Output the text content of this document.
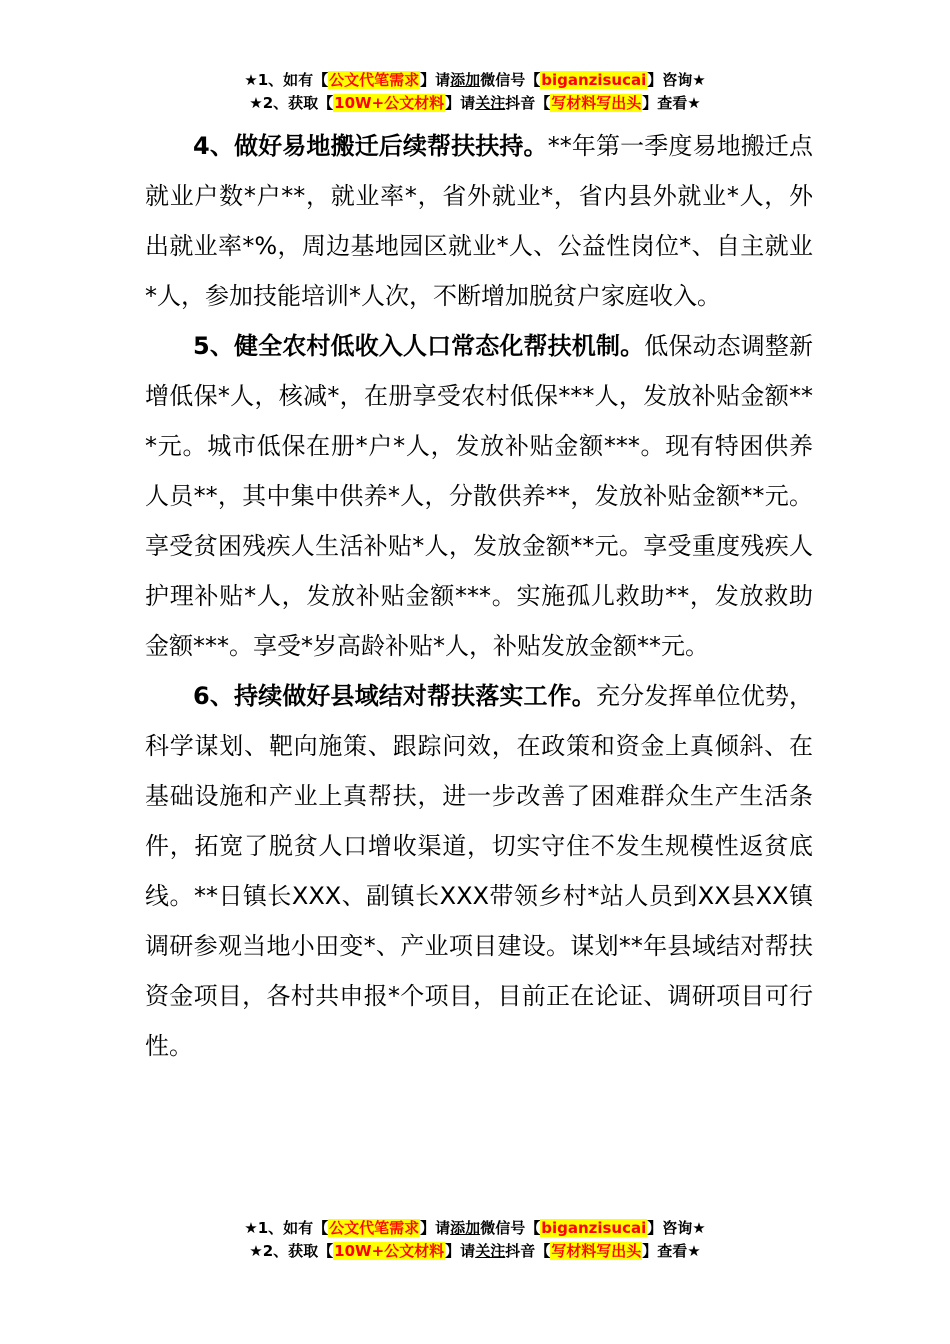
★1、如有【公文代笔需求】请添加微信号【biganzisucai】咨询★
★2、获取【10W+公文材料】请关注抖音【写材料写出头】查看★

4、做好易地搬迁后续帮扶扶持。**年第一季度易地搬迁点就业户数*户**，就业率*，省外就业*，省内县外就业*人，外出就业率*%，周边基地园区就业*人、公益性岗位*、自主就业*人，参加技能培训*人次，不断增加脱贫户家庭收入。

5、健全农村低收入人口常态化帮扶机制。低保动态调整新增低保*人，核减*，在册享受农村低保***人，发放补贴金额***元。城市低保在册*户*人，发放补贴金额***。现有特困供养人员**，其中集中供养*人，分散供养**，发放补贴金额**元。享受贫困残疾人生活补贴*人，发放金额**元。享受重度残疾人护理补贴*人，发放补贴金额***。实施孤儿救助**，发放救助金额***。享受*岁高龄补贴*人，补贴发放金额**元。

6、持续做好县域结对帮扶落实工作。充分发挥单位优势，科学谋划、靶向施策、跟踪问效，在政策和资金上真倾斜、在基础设施和产业上真帮扶，进一步改善了困难群众生产生活条件，拓宽了脱贫人口增收渠道，切实守住不发生规模性返贫底线。**日镇长XXX、副镇长XXX带领乡村*站人员到XX县XX镇调研参观当地小田变*、产业项目建设。谋划**年县域结对帮扶资金项目，各村共申报*个项目，目前正在论证、调研项目可行性。

★1、如有【公文代笔需求】请添加微信号【biganzisucai】咨询★
★2、获取【10W+公文材料】请关注抖音【写材料写出头】查看★
